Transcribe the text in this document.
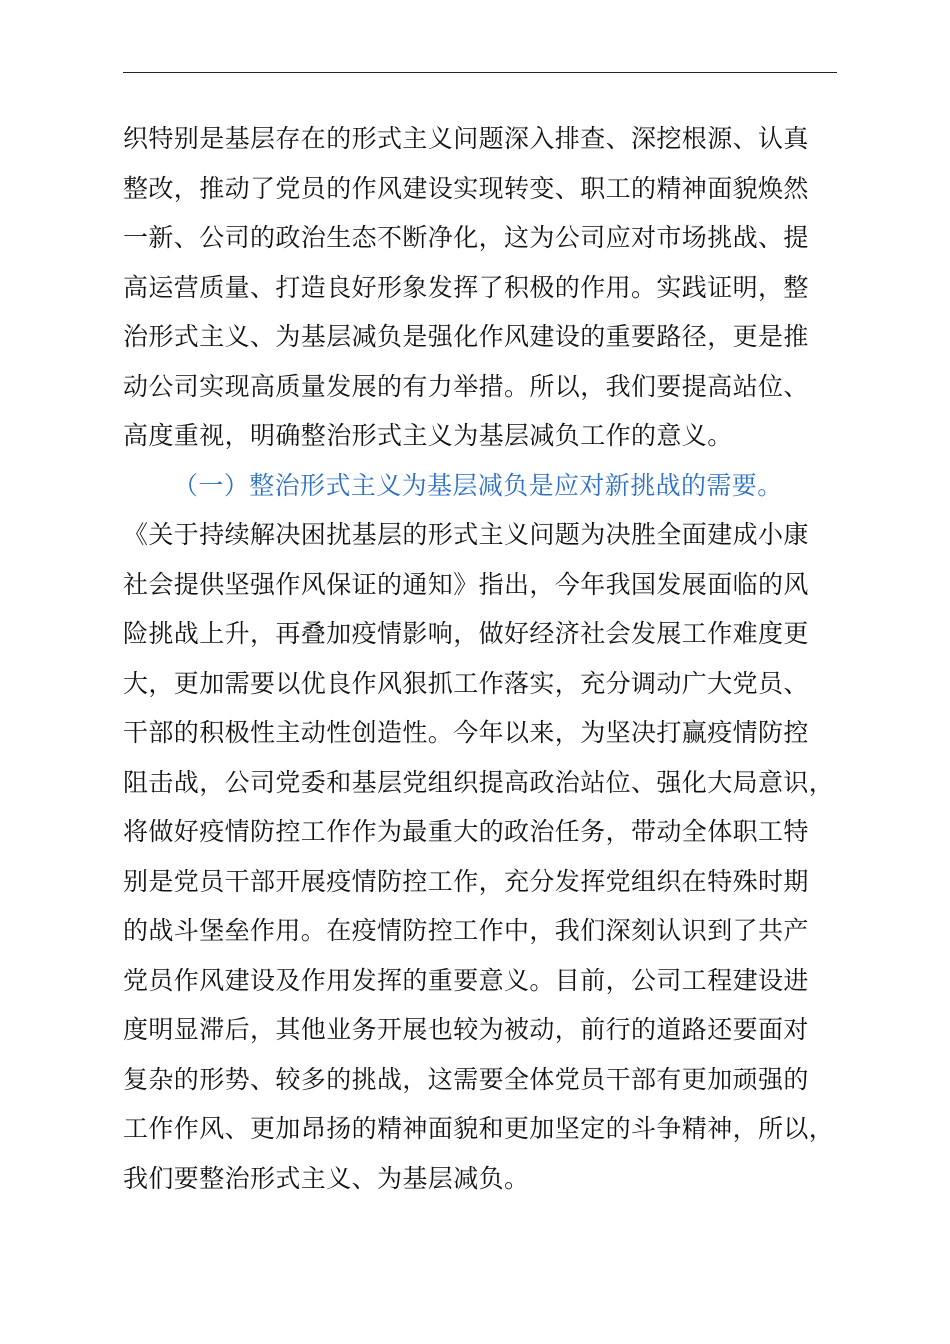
织特别是基层存在的形式主义问题深入排查、深挖根源、认真
整改，推动了党员的作风建设实现转变、职工的精神面貌焕然
一新、公司的政治生态不断净化，这为公司应对市场挑战、提
高运营质量、打造良好形象发挥了积极的作用。实践证明，整
治形式主义、为基层减负是强化作风建设的重要路径，更是推
动公司实现高质量发展的有力举措。所以，我们要提高站位、
高度重视，明确整治形式主义为基层减负工作的意义。
（一）整治形式主义为基层减负是应对新挑战的需要。
《关于持续解决困扰基层的形式主义问题为决胜全面建成小康
社会提供坚强作风保证的通知》指出，今年我国发展面临的风
险挑战上升，再叠加疫情影响，做好经济社会发展工作难度更
大，更加需要以优良作风狠抓工作落实，充分调动广大党员、
干部的积极性主动性创造性。今年以来，为坚决打赢疫情防控
阻击战，公司党委和基层党组织提高政治站位、强化大局意识，
将做好疫情防控工作作为最重大的政治任务，带动全体职工特
别是党员干部开展疫情防控工作，充分发挥党组织在特殊时期
的战斗堡垒作用。在疫情防控工作中，我们深刻认识到了共产
党员作风建设及作用发挥的重要意义。目前，公司工程建设进
度明显滞后，其他业务开展也较为被动，前行的道路还要面对
复杂的形势、较多的挑战，这需要全体党员干部有更加顽强的
工作作风、更加昂扬的精神面貌和更加坚定的斗争精神，所以，
我们要整治形式主义、为基层减负。
